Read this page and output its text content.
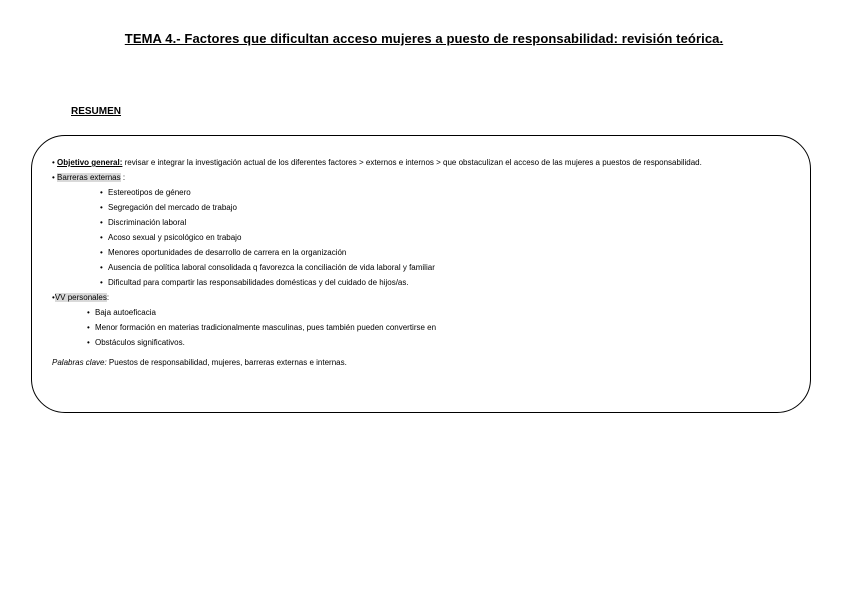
TEMA 4.- Factores que dificultan acceso mujeres a puesto de responsabilidad: revisión teórica.
RESUMEN
• Objetivo general: revisar e integrar la investigación actual de los diferentes factores > externos e internos > que obstaculizan el acceso de las mujeres a puestos de responsabilidad.
• Barreras externas :
• Estereotipos de género
• Segregación del mercado de trabajo
• Discriminación laboral
• Acoso sexual y psicológico en trabajo
• Menores oportunidades de desarrollo de carrera en la organización
• Ausencia de política laboral consolidada q favorezca la conciliación de vida laboral y familiar
• Dificultad para compartir las responsabilidades domésticas y del cuidado de hijos/as.
•VV personales:
• Baja autoeficacia
• Menor formación en materias tradicionalmente masculinas, pues también pueden convertirse en
• Obstáculos significativos.
Palabras clave: Puestos de responsabilidad, mujeres, barreras externas e internas.
